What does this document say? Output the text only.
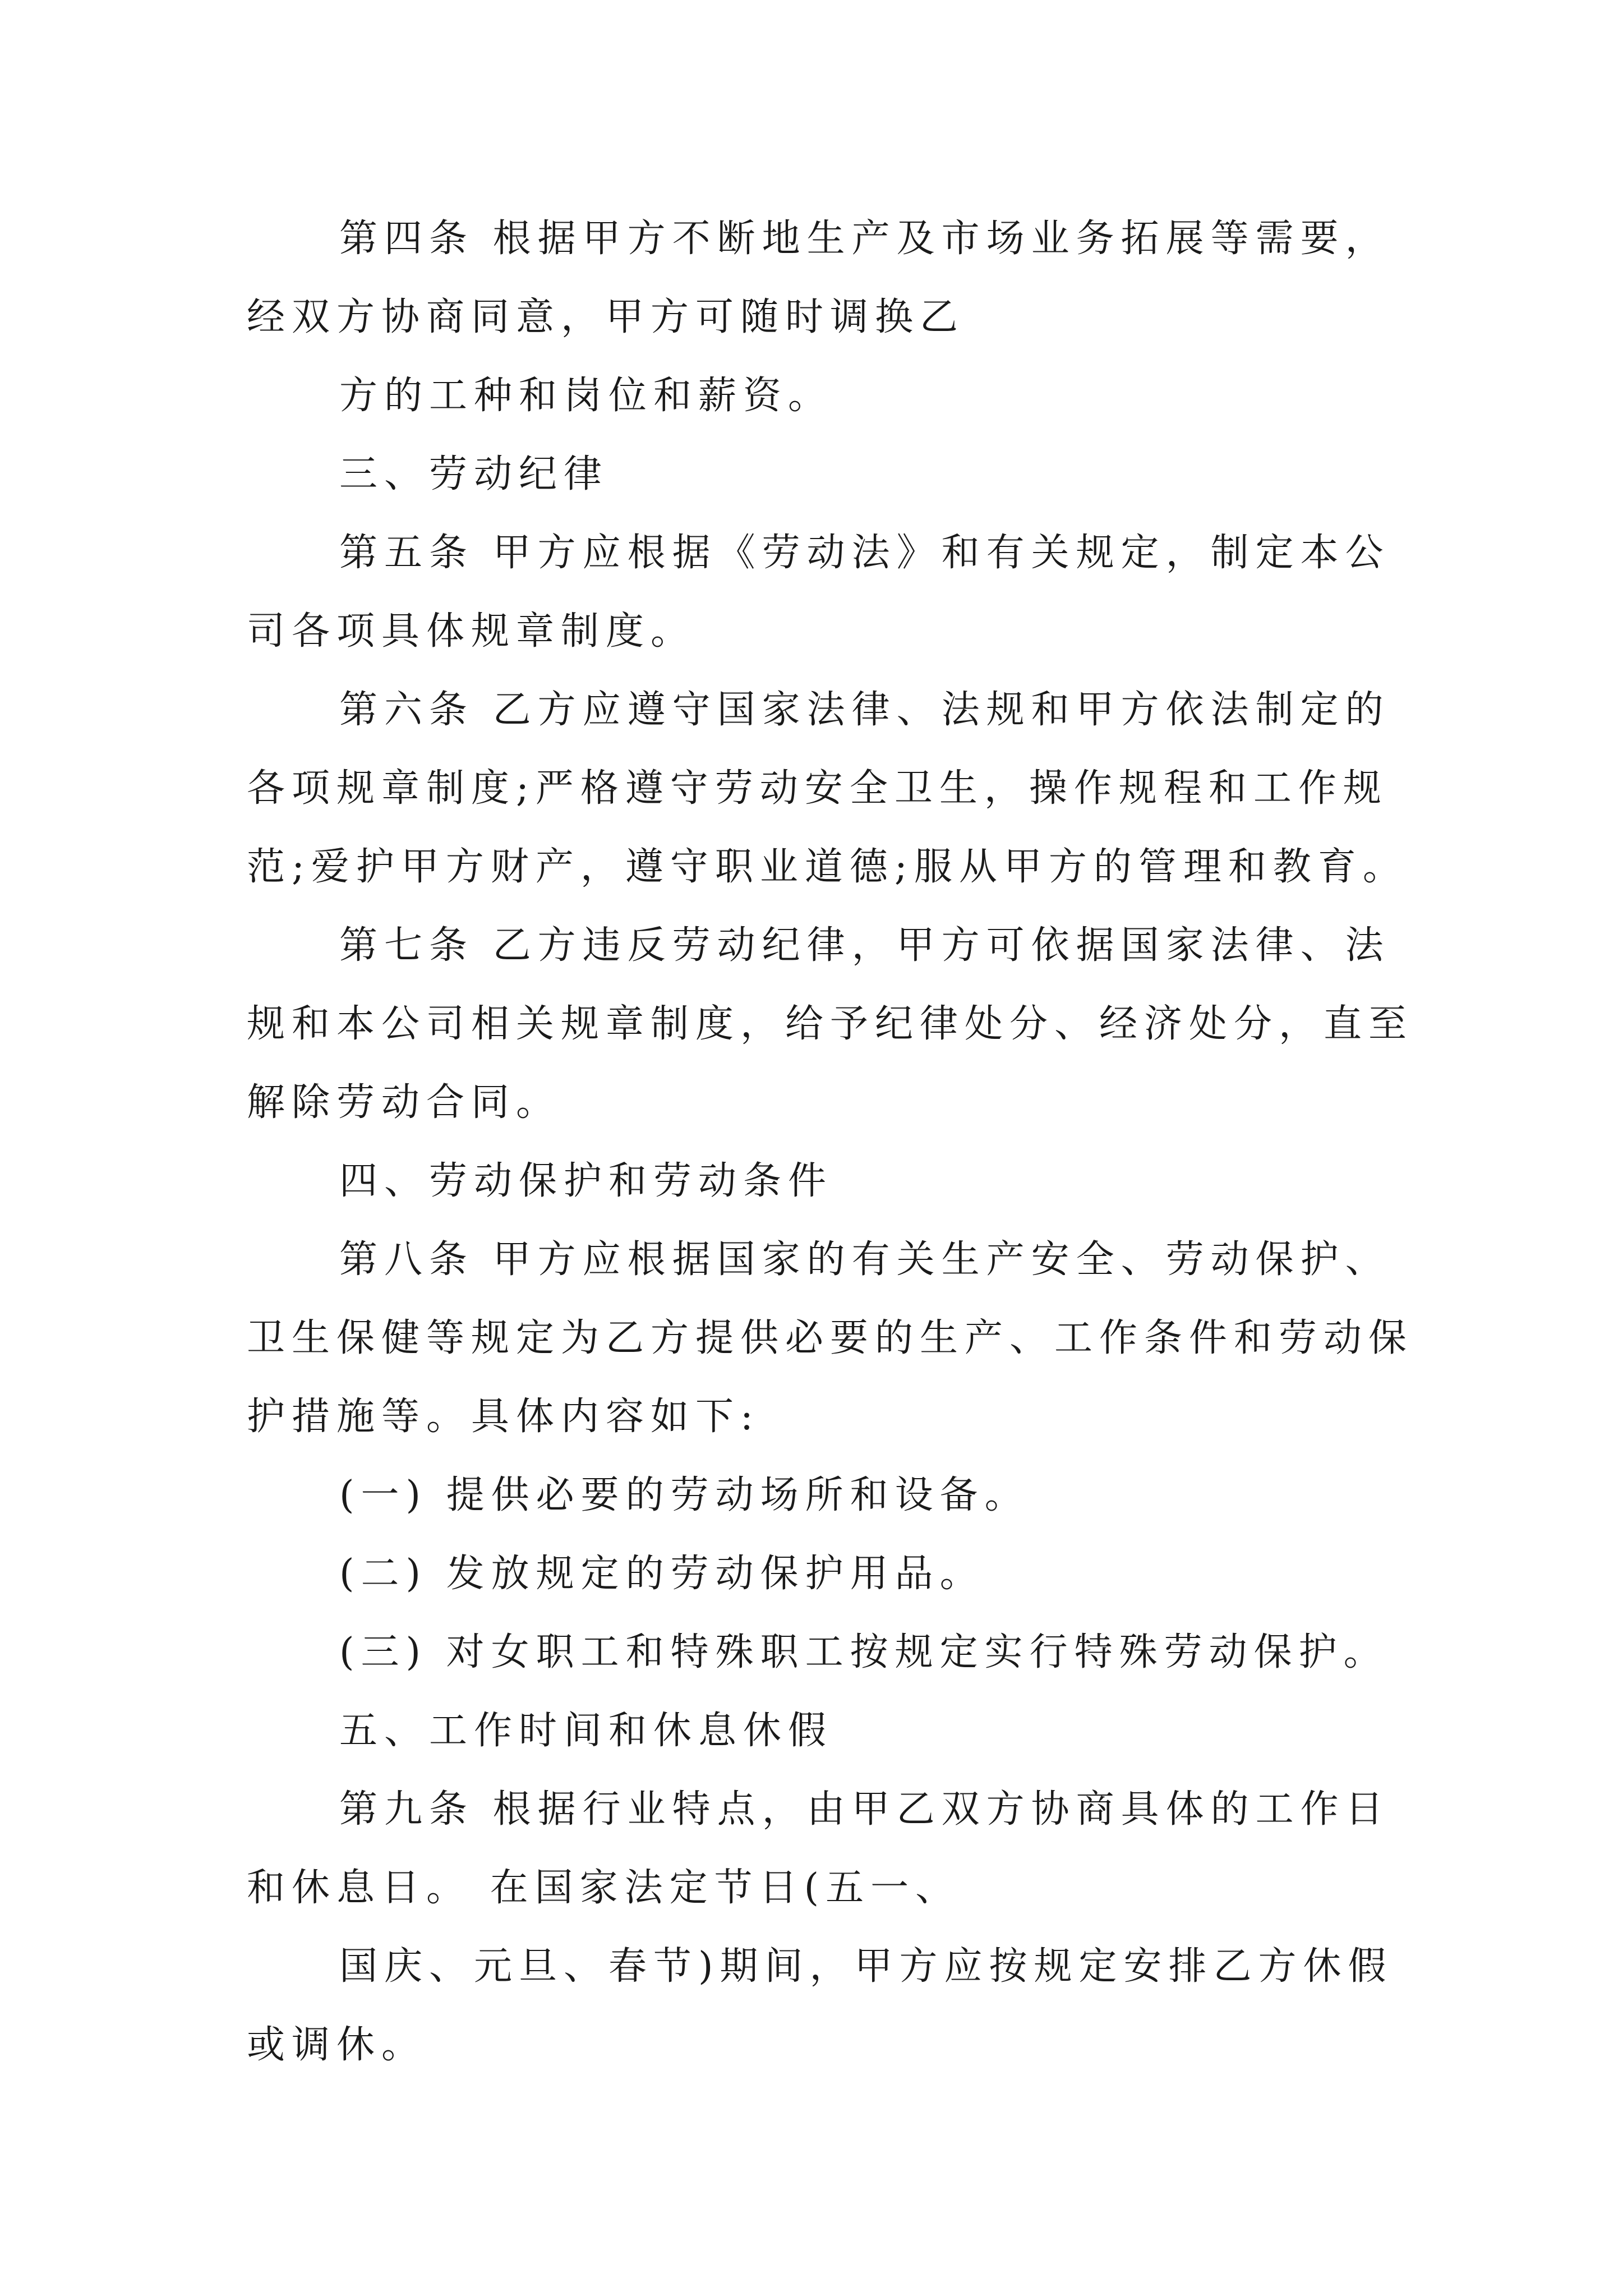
第四条 根据甲方不断地生产及市场业务拓展等需要，
经双方协商同意，甲方可随时调换乙
方的工种和岗位和薪资。
三、劳动纪律
第五条 甲方应根据《劳动法》和有关规定，制定本公
司各项具体规章制度。
第六条 乙方应遵守国家法律、法规和甲方依法制定的
各项规章制度;严格遵守劳动安全卫生，操作规程和工作规
范;爱护甲方财产，遵守职业道德;服从甲方的管理和教育。
第七条 乙方违反劳动纪律，甲方可依据国家法律、法
规和本公司相关规章制度，给予纪律处分、经济处分，直至
解除劳动合同。
四、劳动保护和劳动条件
第八条 甲方应根据国家的有关生产安全、劳动保护、
卫生保健等规定为乙方提供必要的生产、工作条件和劳动保
护措施等。具体内容如下:
(一) 提供必要的劳动场所和设备。
(二) 发放规定的劳动保护用品。
(三) 对女职工和特殊职工按规定实行特殊劳动保护。
五、工作时间和休息休假
第九条 根据行业特点，由甲乙双方协商具体的工作日
和休息日。 在国家法定节日(五一、
国庆、元旦、春节)期间，甲方应按规定安排乙方休假
或调休。
